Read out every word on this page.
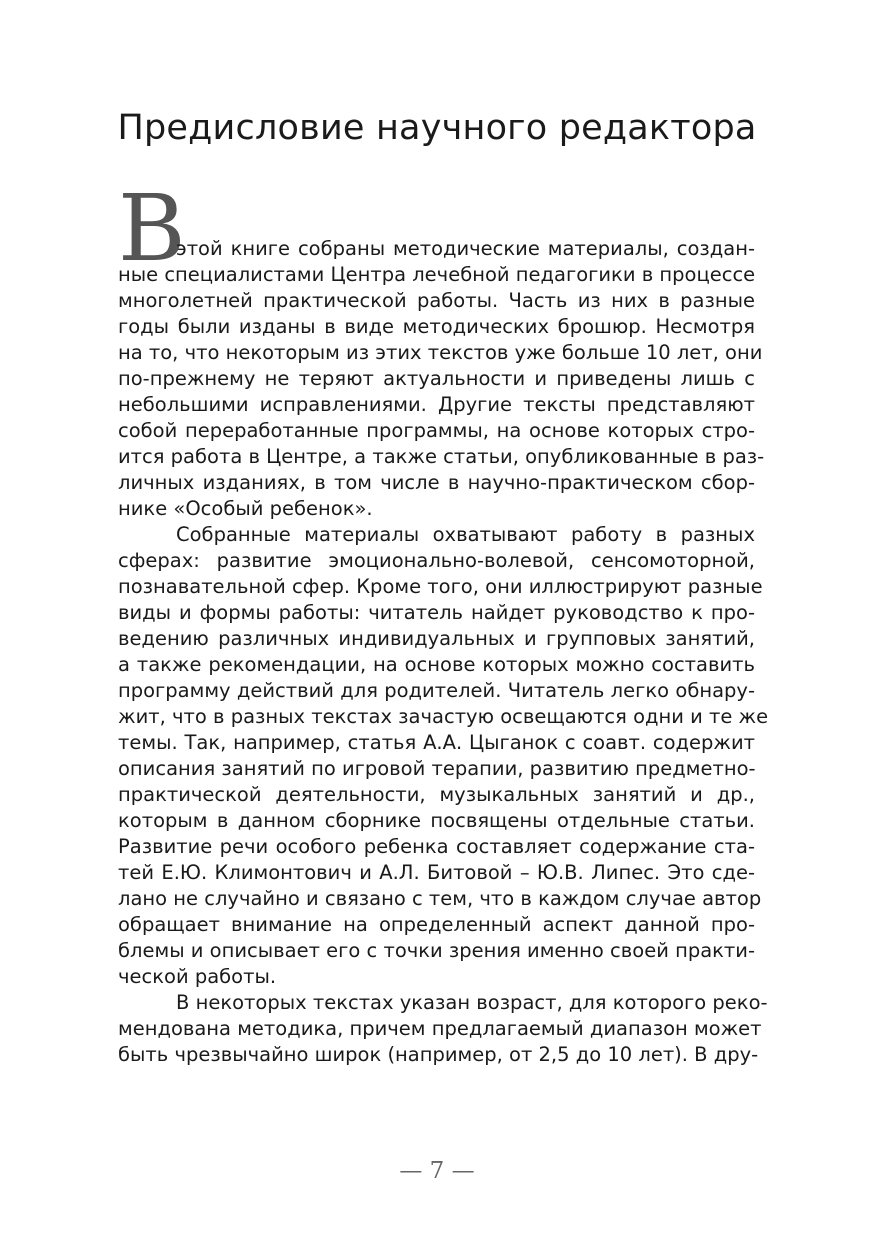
Предисловие научного редактора
В

этой книге собраны методические материалы, создан-

ные специалистами Центра лечебной педагогики в процессе

многолетней практической работы. Часть из них в разные

годы были изданы в виде методических брошюр. Несмотря

на то, что некоторым из этих текстов уже больше 10 лет, они

по-прежнему не теряют актуальности и приведены лишь с

небольшими исправлениями. Другие тексты представляют

собой переработанные программы, на основе которых стро-

ится работа в Центре, а также статьи, опубликованные в раз-

личных изданиях, в том числе в научно-практическом сбор-

нике «Особый ребенок».

Собранные материалы охватывают работу в разных

сферах: развитие эмоционально-волевой, сенсомоторной,

познавательной сфер. Кроме того, они иллюстрируют разные

виды и формы работы: читатель найдет руководство к про-

ведению различных индивидуальных и групповых занятий,

а также рекомендации, на основе которых можно составить

программу действий для родителей. Читатель легко обнару-

жит, что в разных текстах зачастую освещаются одни и те же

темы. Так, например, статья А.А. Цыганок с соавт. содержит

описания занятий по игровой терапии, развитию предметно-

практической деятельности, музыкальных занятий и др.,

которым в данном сборнике посвящены отдельные статьи.

Развитие речи особого ребенка составляет содержание ста-

тей Е.Ю. Климонтович и А.Л. Битовой – Ю.В. Липес. Это сде-

лано не случайно и связано с тем, что в каждом случае автор

обращает внимание на определенный аспект данной про-

блемы и описывает его с точки зрения именно своей практи-

ческой работы.

В некоторых текстах указан возраст, для которого реко-

мендована методика, причем предлагаемый диапазон может

быть чрезвычайно широк (например, от 2,5 до 10 лет). В дру-

— 7 —
